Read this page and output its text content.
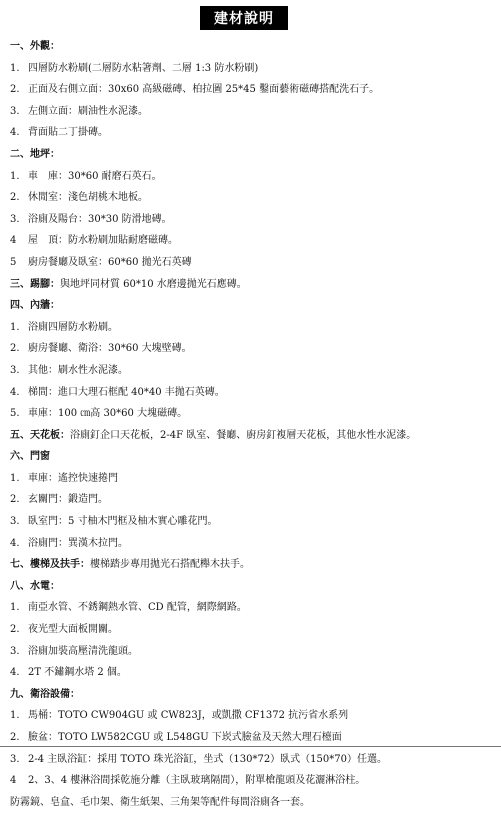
建材說明
一、外觀：
1. 四層防水粉刷(二層防水粘箸劑、二層 1:3 防水粉刷)
2. 正面及右側立面：30x60 高級磁磚、柏拉圖 25*45 鑿面藝術磁磚搭配洗石子。
3. 左側立面：刷油性水泥漆。
4. 背面貼二丁掛磚。
二、地坪：
1. 車　庫：30*60 耐磨石英石。
2. 休閒室：淺色胡桃木地板。
3. 浴廁及陽台：30*30 防滑地磚。
4 屋　頂：防水粉刷加貼耐磨磁磚。
5 廚房餐廳及臥室：60*60 拋光石英磚
三、踢腳：與地坪同材質 60*10 水磨邊拋光石應磚。
四、內牆：
1. 浴廁四層防水粉刷。
2. 廚房餐廳、衛浴：30*60 大塊壁磚。
3. 其他：刷水性水泥漆。
4. 梯間：進口大理石框配 40*40 丰拋石英磚。
5. 車庫：100 ㎝高 30*60 大塊磁磚。
五、天花板：浴廁釘企口天花板，2-4F 臥室、餐廳、廚房釘複層天花板，其他水性水泥漆。
六、門窗
1. 車庫：遙控快速捲門
2. 玄關門：鍛造門。
3. 臥室門：5 寸柚木門框及柚木實心雕花門。
4. 浴廁門：巽漢木拉門。
七、樓梯及扶手：樓梯踏步專用拋光石搭配櫸木扶手。
八、水電：
1. 南亞水管、不銹鋼熱水管、CD 配管，網際網路。
2. 夜光型大面板開關。
3. 浴廁加裝高壓清洗龍頭。
4. 2T 不鏽鋼水塔 2 個。
九、衛浴設備：
1. 馬桶：TOTO CW904GU 或 CW823J，或凱撒 CF1372 抗污省水系列
2. 臉盆：TOTO LW582CGU 或 L548GU 下崁式臉盆及天然大理石檯面
3. 2-4 主臥浴缸：採用 TOTO 珠光浴缸，坐式（130*72）臥式（150*70）任選。
4 2、3、4 樓淋浴間採乾施分離（主臥玻璃隔間），附單槍龍頭及花灑淋浴柱。
防霧鏡、皂盒、毛巾架、衛生紙架、三角架等配件每間浴廁各一套。
